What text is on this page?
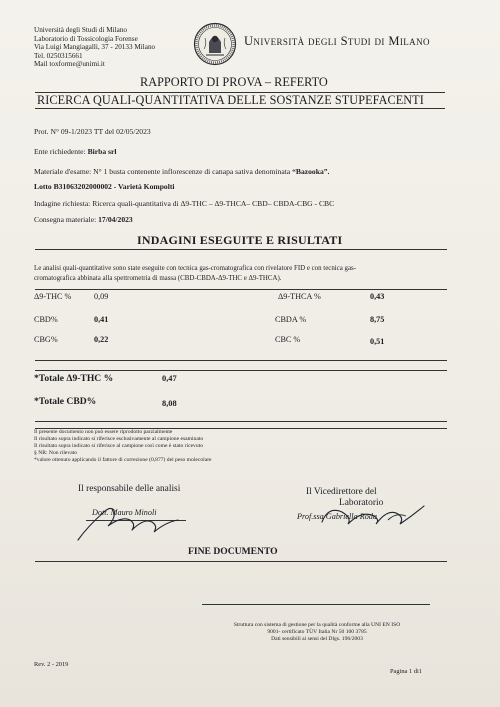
Università degli Studi di Milano
Laboratorio di Tossicologia Forense
Via Luigi Mangiagalli, 37 - 20133 Milano
Tel. 0250315661
Mail toxforme@unimi.it
Università degli Studi di Milano
RAPPORTO DI PROVA – REFERTO
RICERCA QUALI-QUANTITATIVA DELLE SOSTANZE STUPEFACENTI
Prot. N° 09-1/2023 TT del 02/05/2023
Ente richiedente: Birba srl
Materiale d'esame: N° 1 busta contenente inflorescenze di canapa sativa denominata “Bazooka”.
Lotto B31063202000002 - Varietà Kompolti
Indagine richiesta: Ricerca quali-quantitativa di Δ9-THC – Δ9-THCA– CBD– CBDA-CBG - CBC
Consegna materiale: 17/04/2023
INDAGINI ESEGUITE E RISULTATI
Le analisi quali-quantitative sono state eseguite con tecnica gas-cromatografica con rivelatore FID e con tecnica gas-
cromatografica abbinata alla spettrometria di massa (CBD-CBDA-Δ9-THC e Δ9-THCA).
Δ9-THC %	0,09	Δ9-THCA %	0,43
CBD%	0,41	CBDA %	8,75
CBG%	0,22	CBC %	0,51
*Totale Δ9-THC %	0,47
*Totale CBD%	8,08
Il presente documento non può essere riprodotto parzialmente
Il risultato sopra indicato si riferisce esclusivamente al campione esaminato
Il risultato sopra indicato si riferisce al campione così come è stato ricevuto
§ NR: Non rilevato
*valore ottenuto applicando il fattore di correzione (0,877) del peso molecolare
Il responsabile delle analisi
Dott. Mauro Minoli
Il Vicedirettore del
Laboratorio
Prof.ssa Gabriella Roda
FINE DOCUMENTO
Struttura con sistema di gestione per la qualità conforme alla UNI EN ISO
9001- certificato TÜV Italia Nr 50 100 3785
Dati sensibili ai sensi del Dlgs. 196/2003
Rev. 2 - 2019
Pagina 1 di1
